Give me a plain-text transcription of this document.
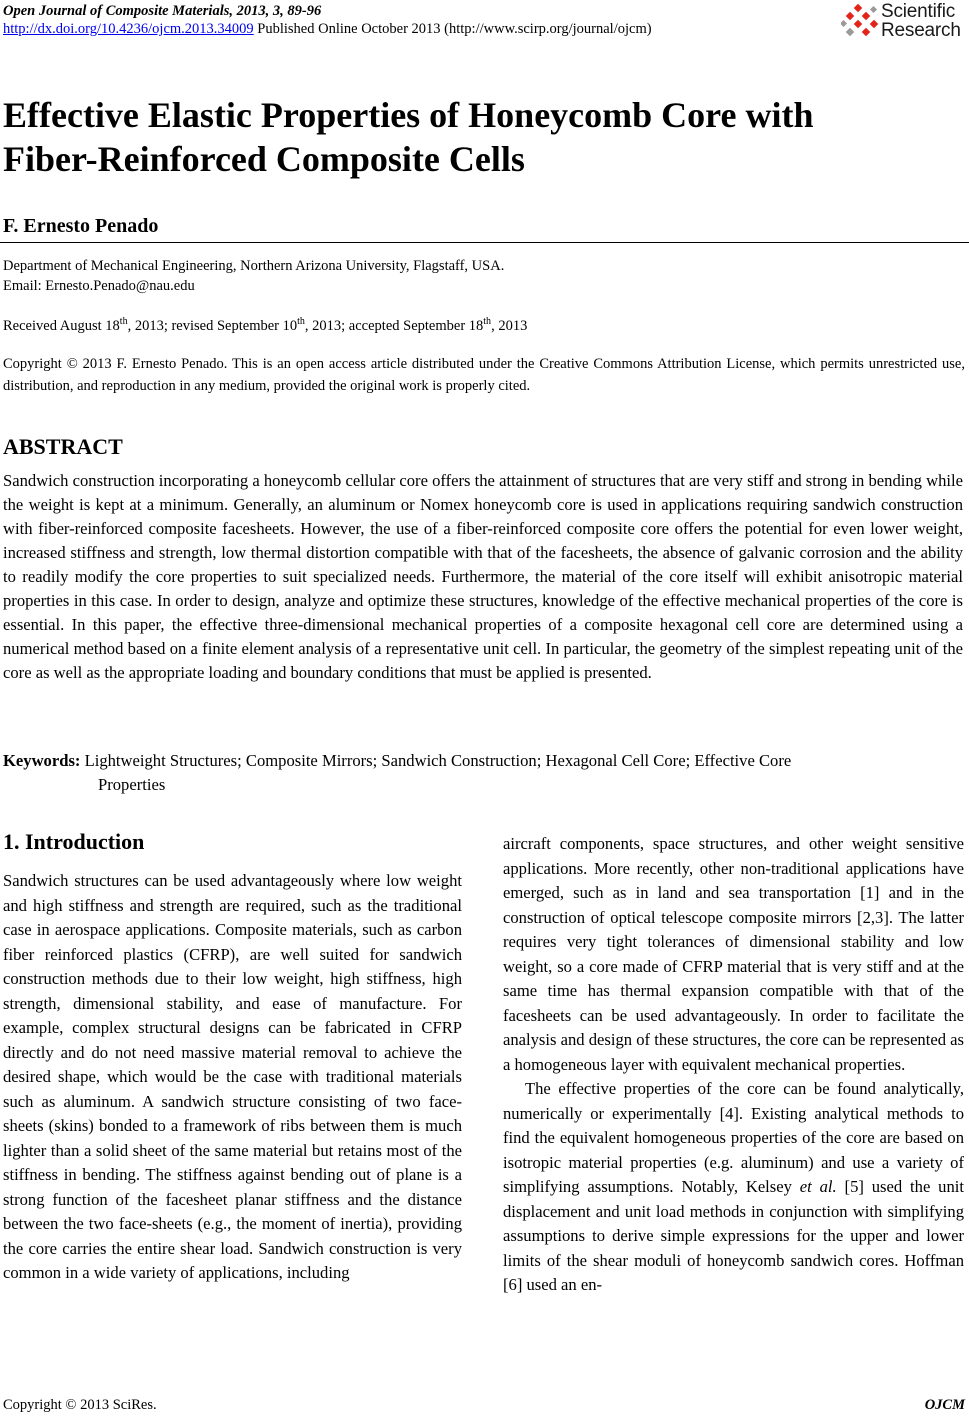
Open Journal of Composite Materials, 2013, 3, 89-96
http://dx.doi.org/10.4236/ojcm.2013.34009 Published Online October 2013 (http://www.scirp.org/journal/ojcm)
Scientific
Research
Effective Elastic Properties of Honeycomb Core with
Fiber-Reinforced Composite Cells
F. Ernesto Penado
Department of Mechanical Engineering, Northern Arizona University, Flagstaff, USA.
Email: Ernesto.Penado@nau.edu
Received August 18th, 2013; revised September 10th, 2013; accepted September 18th, 2013
Copyright © 2013 F. Ernesto Penado. This is an open access article distributed under the Creative Commons Attribution License, which permits unrestricted use, distribution, and reproduction in any medium, provided the original work is properly cited.
ABSTRACT

Sandwich construction incorporating a honeycomb cellular core offers the attainment of structures that are very stiff and strong in bending while the weight is kept at a minimum. Generally, an aluminum or Nomex honeycomb core is used in applications requiring sandwich construction with fiber-reinforced composite facesheets. However, the use of a fiber-reinforced composite core offers the potential for even lower weight, increased stiffness and strength, low thermal distortion compatible with that of the facesheets, the absence of galvanic corrosion and the ability to readily modify the core properties to suit specialized needs. Furthermore, the material of the core itself will exhibit anisotropic material properties in this case. In order to design, analyze and optimize these structures, knowledge of the effective mechanical properties of the core is essential. In this paper, the effective three-dimensional mechanical properties of a composite hexagonal cell core are determined using a numerical method based on a finite element analysis of a representative unit cell. In particular, the geometry of the simplest repeating unit of the core as well as the appropriate loading and boundary conditions that must be applied is presented.

Keywords: Lightweight Structures; Composite Mirrors; Sandwich Construction; Hexagonal Cell Core; Effective Core
Properties
1. Introduction

Sandwich structures can be used advantageously where low weight and high stiffness and strength are required, such as the traditional case in aerospace applications. Composite materials, such as carbon fiber reinforced plastics (CFRP), are well suited for sandwich construction methods due to their low weight, high stiffness, high strength, dimensional stability, and ease of manufacture. For example, complex structural designs can be fabricated in CFRP directly and do not need massive material removal to achieve the desired shape, which would be the case with traditional materials such as aluminum. A sandwich structure consisting of two face-sheets (skins) bonded to a framework of ribs between them is much lighter than a solid sheet of the same material but retains most of the stiffness in bending. The stiffness against bending out of plane is a strong function of the facesheet planar stiffness and the distance between the two face-sheets (e.g., the moment of inertia), providing the core carries the entire shear load. Sandwich construction is very common in a wide variety of applications, including

aircraft components, space structures, and other weight sensitive applications. More recently, other non-traditional applications have emerged, such as in land and sea transportation [1] and in the construction of optical telescope composite mirrors [2,3]. The latter requires very tight tolerances of dimensional stability and low weight, so a core made of CFRP material that is very stiff and at the same time has thermal expansion compatible with that of the facesheets can be used advantageously. In order to facilitate the analysis and design of these structures, the core can be represented as a homogeneous layer with equivalent mechanical properties.

The effective properties of the core can be found analytically, numerically or experimentally [4]. Existing analytical methods to find the equivalent homogeneous properties of the core are based on isotropic material properties (e.g. aluminum) and use a variety of simplifying assumptions. Notably, Kelsey et al. [5] used the unit displacement and unit load methods in conjunction with simplifying assumptions to derive simple expressions for the upper and lower limits of the shear moduli of honeycomb sandwich cores. Hoffman [6] used an en-

Copyright © 2013 SciRes.	OJCM
